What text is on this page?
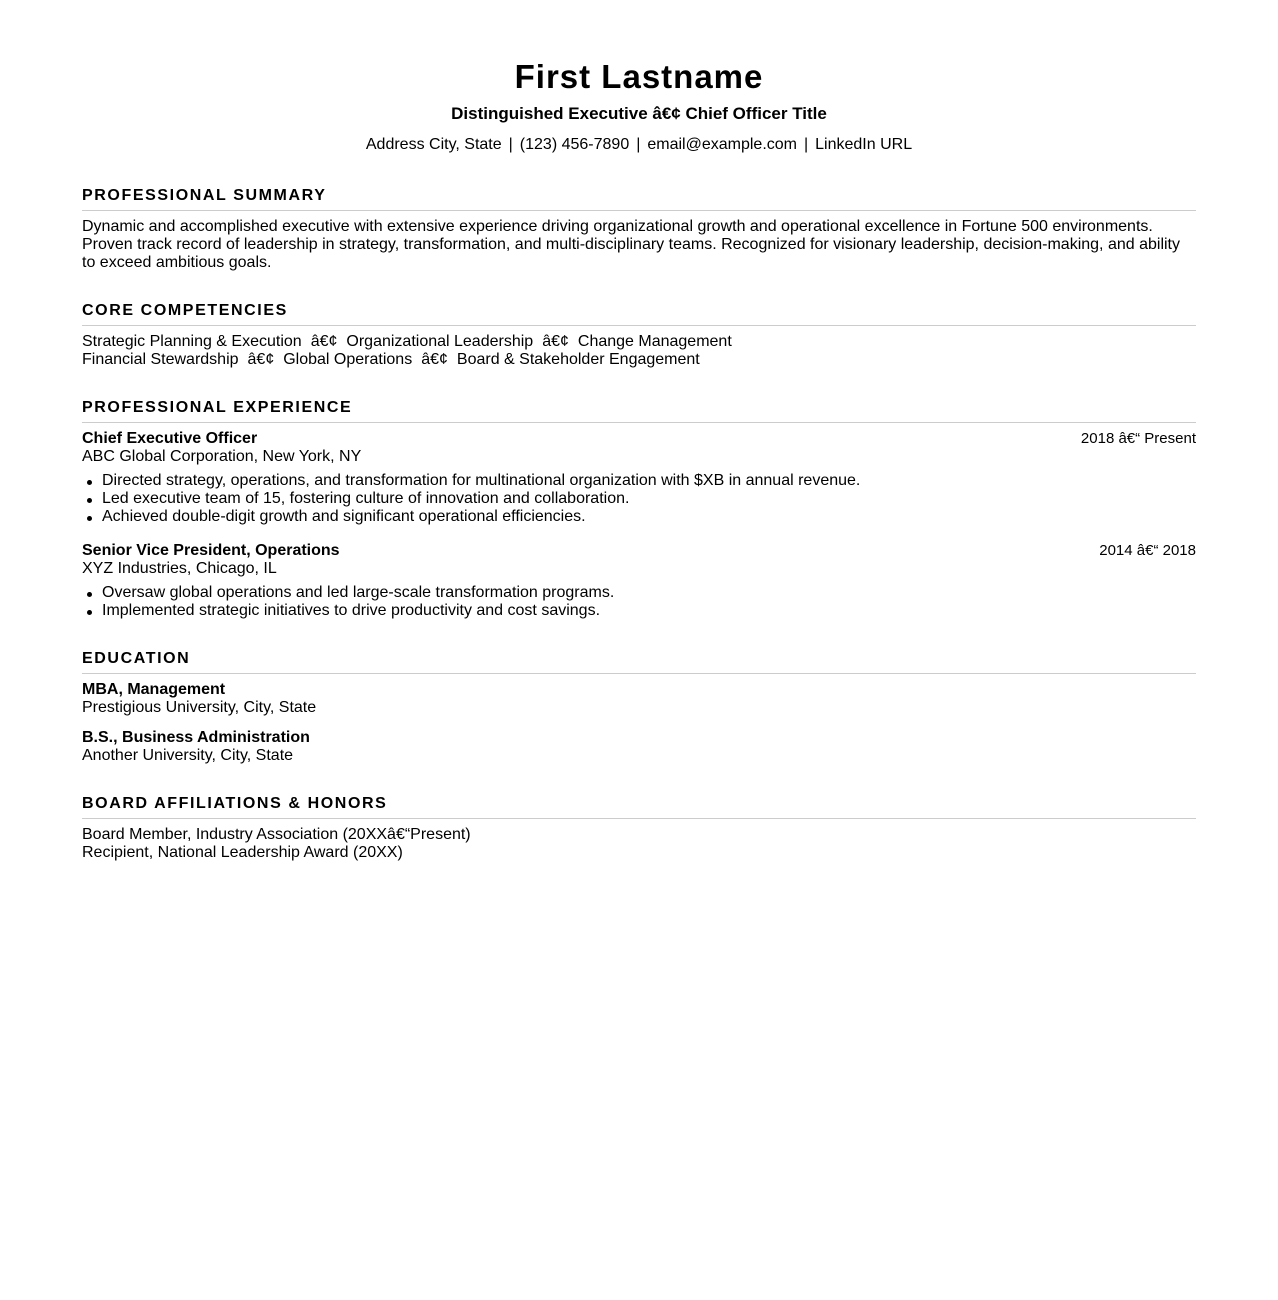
First Lastname
Distinguished Executive â€¢ Chief Officer Title
Address City, State | (123) 456-7890 | email@example.com | LinkedIn URL
PROFESSIONAL SUMMARY
Dynamic and accomplished executive with extensive experience driving organizational growth and operational excellence in Fortune 500 environments. Proven track record of leadership in strategy, transformation, and multi-disciplinary teams. Recognized for visionary leadership, decision-making, and ability to exceed ambitious goals.
CORE COMPETENCIES
Strategic Planning & Execution â€¢ Organizational Leadership â€¢ Change Management
Financial Stewardship â€¢ Global Operations â€¢ Board & Stakeholder Engagement
PROFESSIONAL EXPERIENCE
Chief Executive Officer	2018 â€“ Present
ABC Global Corporation, New York, NY
Directed strategy, operations, and transformation for multinational organization with $XB in annual revenue.
Led executive team of 15, fostering culture of innovation and collaboration.
Achieved double-digit growth and significant operational efficiencies.
Senior Vice President, Operations	2014 â€“ 2018
XYZ Industries, Chicago, IL
Oversaw global operations and led large-scale transformation programs.
Implemented strategic initiatives to drive productivity and cost savings.
EDUCATION
MBA, Management
Prestigious University, City, State
B.S., Business Administration
Another University, City, State
BOARD AFFILIATIONS & HONORS
Board Member, Industry Association (20XXâ€“Present)
Recipient, National Leadership Award (20XX)
